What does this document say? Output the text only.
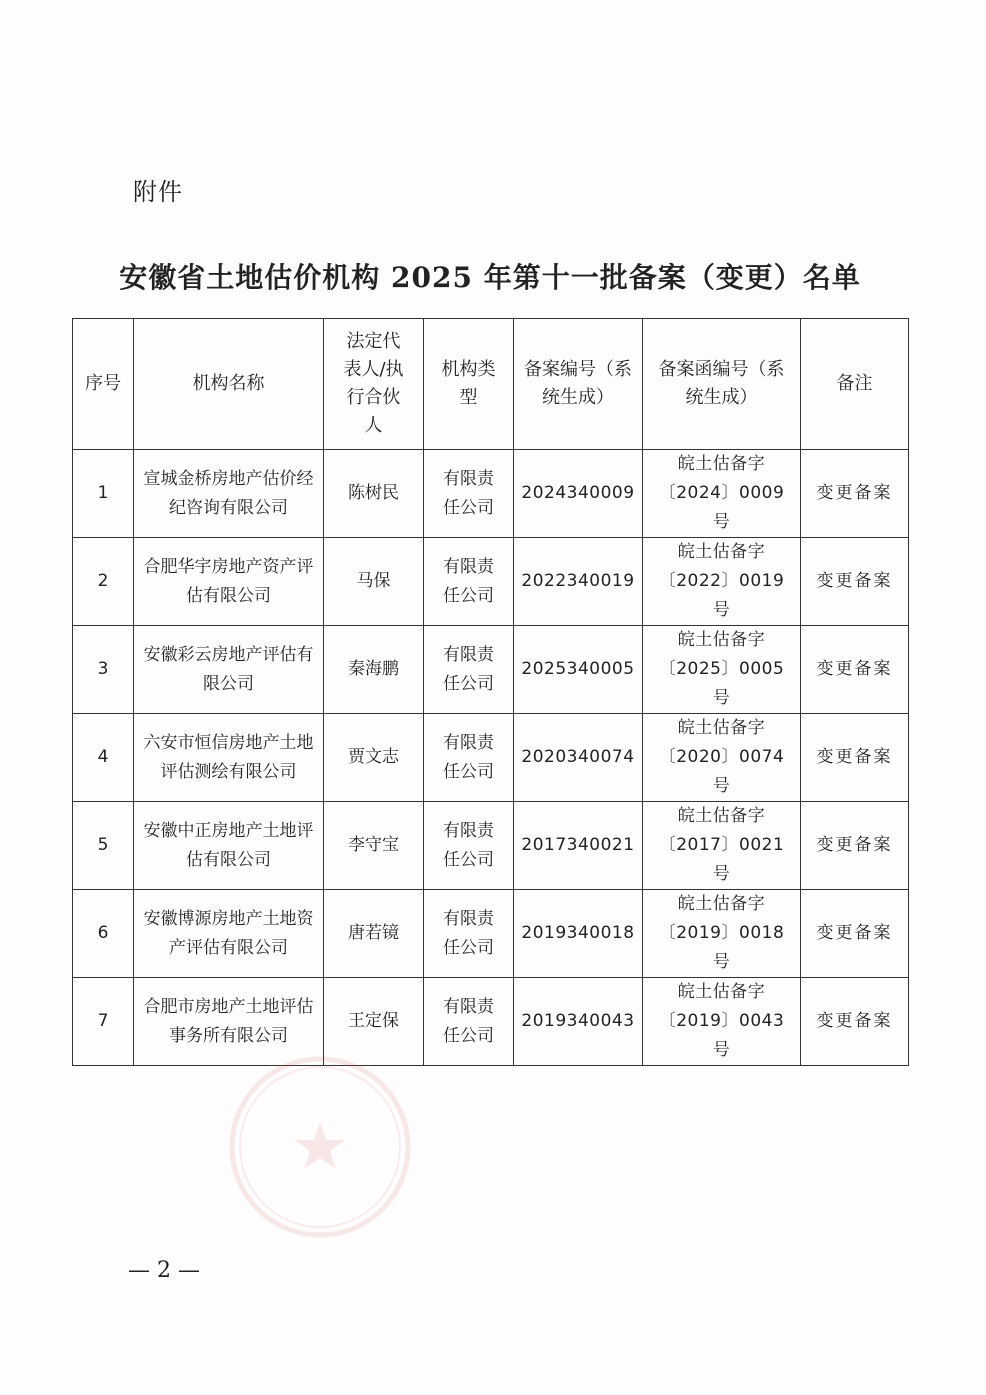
附件
安徽省土地估价机构 2025 年第十一批备案（变更）名单
序号	机构名称	法定代表人/执行合伙人	机构类型	备案编号（系统生成）	备案函编号（系统生成）	备注
1	宣城金桥房地产估价经纪咨询有限公司	陈树民	有限责任公司	2024340009	皖土估备字〔2024〕0009 号	变更备案
2	合肥华宇房地产资产评估有限公司	马保	有限责任公司	2022340019	皖土估备字〔2022〕0019 号	变更备案
3	安徽彩云房地产评估有限公司	秦海鹏	有限责任公司	2025340005	皖土估备字〔2025〕0005 号	变更备案
4	六安市恒信房地产土地评估测绘有限公司	贾文志	有限责任公司	2020340074	皖土估备字〔2020〕0074 号	变更备案
5	安徽中正房地产土地评估有限公司	李守宝	有限责任公司	2017340021	皖土估备字〔2017〕0021 号	变更备案
6	安徽博源房地产土地资产评估有限公司	唐若镜	有限责任公司	2019340018	皖土估备字〔2019〕0018 号	变更备案
7	合肥市房地产土地评估事务所有限公司	王定保	有限责任公司	2019340043	皖土估备字〔2019〕0043 号	变更备案
— 2 —
